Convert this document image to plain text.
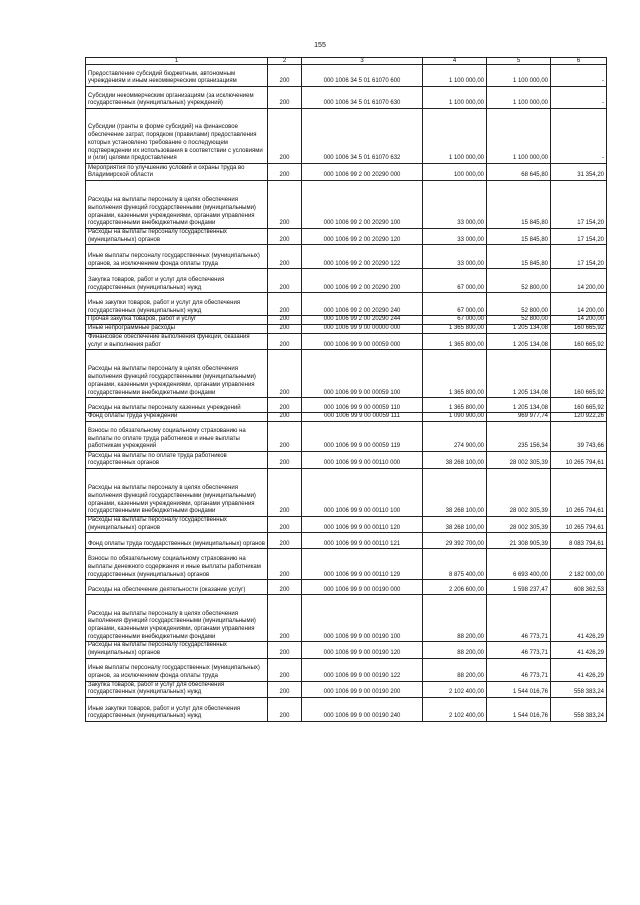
155
1	2	3	4	5	6
Предоставление субсидий бюджетным, автономным учреждениям и иным некоммерческим организациям	200	000 1006 34 5 01 61070 600	1 100 000,00	1 100 000,00	-
Субсидии некоммерческим организациям (за исключением государственных (муниципальных) учреждений)	200	000 1006 34 5 01 61070 630	1 100 000,00	1 100 000,00	-
Субсидии (гранты в форме субсидий) на финансовое обеспечение затрат, порядком (правилами) предоставления которых установлено требование о последующем подтверждении их использования в соответствии с условиями и (или) целями предоставления	200	000 1006 34 5 01 61070 632	1 100 000,00	1 100 000,00	-
Мероприятия по улучшению условий и охраны труда во Владимирской области	200	000 1006 99 2 00 20290 000	100 000,00	68 645,80	31 354,20
Расходы на выплаты персоналу в целях обеспечения выполнения функций государственными (муниципальными) органами, казенными учреждениями, органами управления государственными внебюджетными фондами	200	000 1006 99 2 00 20290 100	33 000,00	15 845,80	17 154,20
Расходы на выплаты персоналу государственных (муниципальных) органов	200	000 1006 99 2 00 20290 120	33 000,00	15 845,80	17 154,20
Иные выплаты персоналу государственных (муниципальных) органов, за исключением фонда оплаты труда	200	000 1006 99 2 00 20290 122	33 000,00	15 845,80	17 154,20
Закупка товаров, работ и услуг для обеспечения государственных (муниципальных) нужд	200	000 1006 99 2 00 20290 200	67 000,00	52 800,00	14 200,00
Иные закупки товаров, работ и услуг для обеспечения государственных (муниципальных) нужд	200	000 1006 99 2 00 20290 240	67 000,00	52 800,00	14 200,00
Прочая закупка товаров, работ и услуг	200	000 1006 99 2 00 20290 244	67 000,00	52 800,00	14 200,00
Иные непрограммные расходы	200	000 1006 99 9 00 00000 000	1 365 800,00	1 205 134,08	160 665,92
Финансовое обеспечение выполнения функций, оказания услуг и выполнения работ	200	000 1006 99 9 00 00059 000	1 365 800,00	1 205 134,08	160 665,92
Расходы на выплаты персоналу в целях обеспечения выполнения функций государственными (муниципальными) органами, казенными учреждениями, органами управления государственными внебюджетными фондами	200	000 1006 99 9 00 00059 100	1 365 800,00	1 205 134,08	160 665,92
Расходы на выплаты персоналу казенных учреждений	200	000 1006 99 9 00 00059 110	1 365 800,00	1 205 134,08	160 665,92
Фонд оплаты труда учреждений	200	000 1006 99 9 00 00059 111	1 090 900,00	969 977,74	120 922,26
Взносы по обязательному социальному страхованию на выплаты по оплате труда работников и иные выплаты работникам учреждений	200	000 1006 99 9 00 00059 119	274 900,00	235 156,34	39 743,66
Расходы на выплаты по оплате труда работников государственных органов	200	000 1006 99 9 00 00110 000	38 268 100,00	28 002 305,39	10 265 794,61
Расходы на выплаты персоналу в целях обеспечения выполнения функций государственными (муниципальными) органами, казенными учреждениями, органами управления государственными внебюджетными фондами	200	000 1006 99 9 00 00110 100	38 268 100,00	28 002 305,39	10 265 794,61
Расходы на выплаты персоналу государственных (муниципальных) органов	200	000 1006 99 9 00 00110 120	38 268 100,00	28 002 305,39	10 265 794,61
Фонд оплаты труда государственных (муниципальных) органов	200	000 1006 99 9 00 00110 121	29 392 700,00	21 308 905,39	8 083 794,61
Взносы по обязательному социальному страхованию на выплаты денежного содержания и иные выплаты работникам государственных (муниципальных) органов	200	000 1006 99 9 00 00110 129	8 875 400,00	6 693 400,00	2 182 000,00
Расходы на обеспечение деятельности (оказание услуг)	200	000 1006 99 9 00 00190 000	2 206 600,00	1 598 237,47	608 362,53
Расходы на выплаты персоналу в целях обеспечения выполнения функций государственными (муниципальными) органами, казенными учреждениями, органами управления государственными внебюджетными фондами	200	000 1006 99 9 00 00190 100	88 200,00	46 773,71	41 426,29
Расходы на выплаты персоналу государственных (муниципальных) органов	200	000 1006 99 9 00 00190 120	88 200,00	46 773,71	41 426,29
Иные выплаты персоналу государственных (муниципальных) органов, за исключением фонда оплаты труда	200	000 1006 99 9 00 00190 122	88 200,00	46 773,71	41 426,29
Закупка товаров, работ и услуг для обеспечения государственных (муниципальных) нужд	200	000 1006 99 9 00 00190 200	2 102 400,00	1 544 016,76	558 383,24
Иные закупки товаров, работ и услуг для обеспечения государственных (муниципальных) нужд	200	000 1006 99 9 00 00190 240	2 102 400,00	1 544 016,76	558 383,24
